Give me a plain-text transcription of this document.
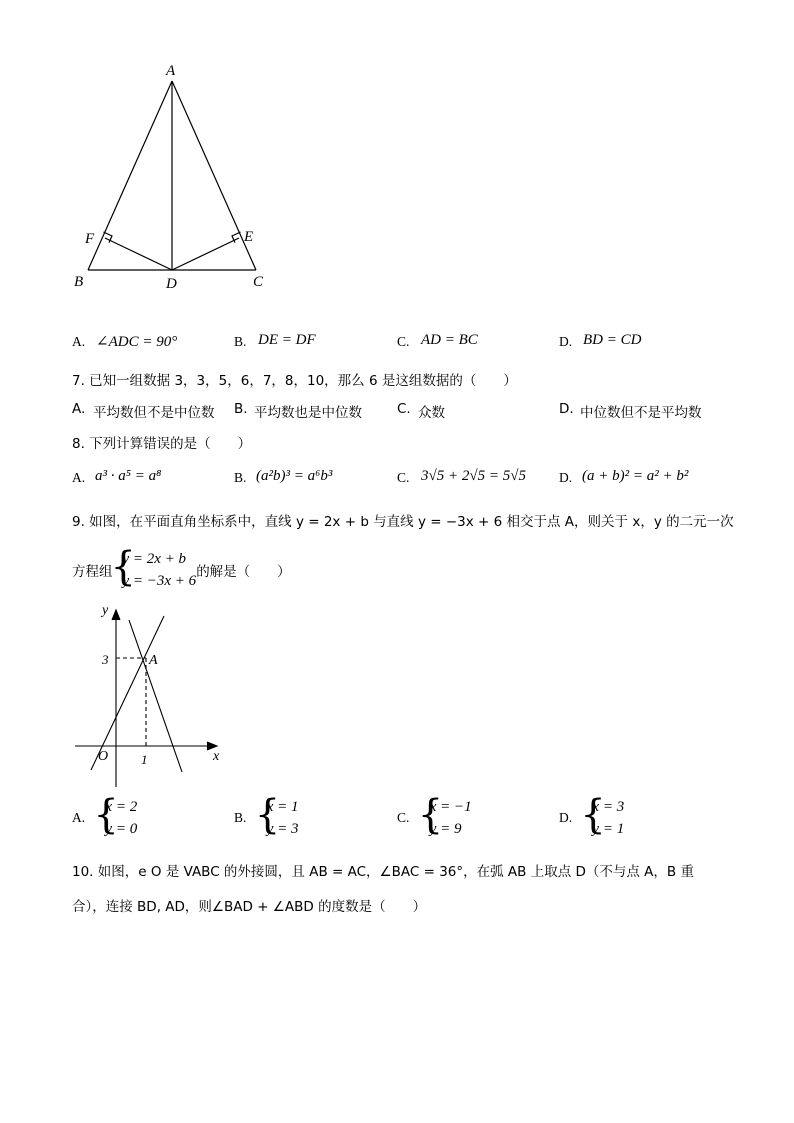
A
B	D	C
E
F
A. ∠ADC = 90°	B. DE = DF	C. AD = BC	D. BD = CD
7. 已知一组数据 3，3，5，6，7，8，10，那么 6 是这组数据的（　　）
A. 平均数但不是中位数 B. 平均数也是中位数	C. 众数	D. 中位数但不是平均数
8. 下列计算错误的是（　　）
A. a³ · a⁵ = a⁸	B. (a²b)³ = a⁶b³	C. 3√5 + 2√5 = 5√5 D. (a + b)² = a² + b²
9. 如图，在平面直角坐标系中，直线 y = 2x + b 与直线 y = −3x + 6 相交于点 A，则关于 x，y 的二元一次
方程组
{ y = 2x + b
y = −3x + 6
的解是（　　）
y
x
O
A
1
3
A.
{ x = 2
y = 0
B.
{ x = 1
y = 3
C.
{ x = −1
y = 9
D.
{ x = 3
y = 1
10. 如图，e O 是 VABC 的外接圆，且 AB = AC，∠BAC = 36°，在弧 AB 上取点 D（不与点 A，B 重
合），连接 BD, AD，则∠BAD + ∠ABD 的度数是（　　）
